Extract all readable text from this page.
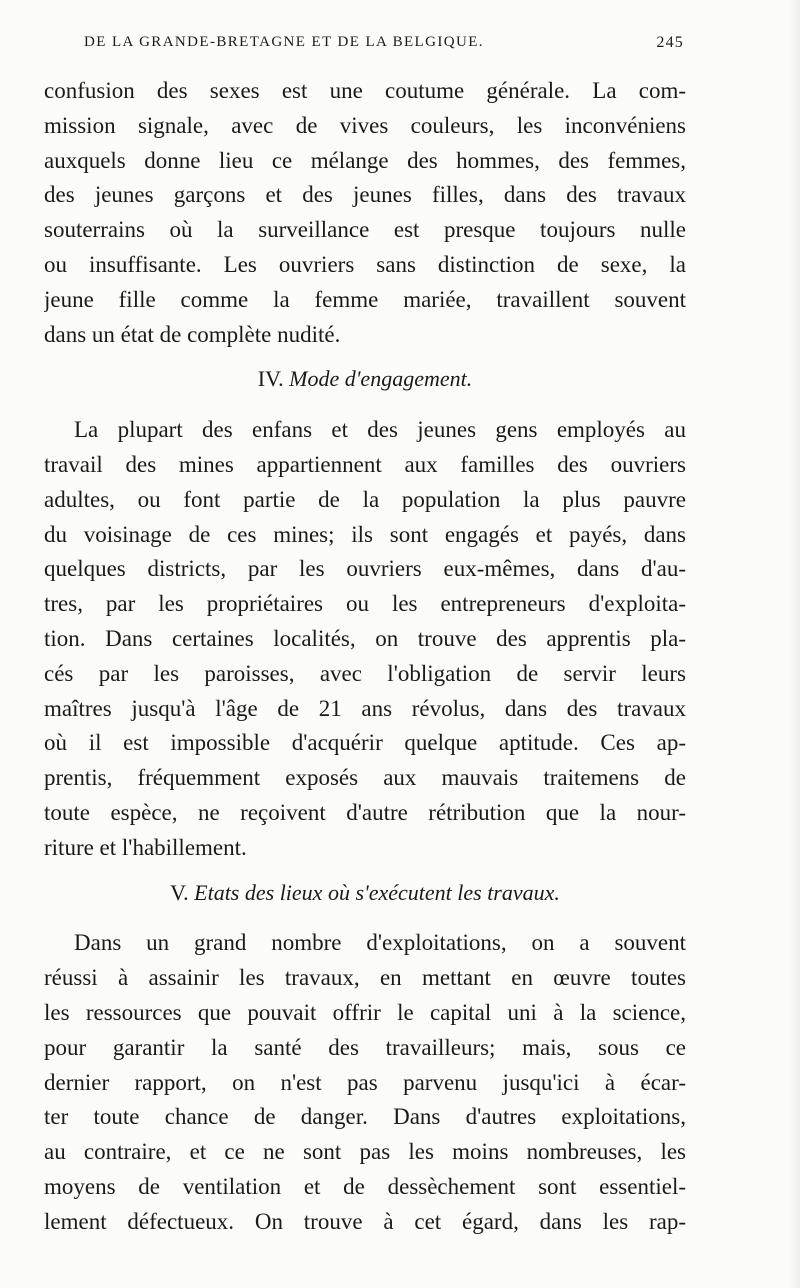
DE LA GRANDE-BRETAGNE ET DE LA BELGIQUE.	245
confusion des sexes est une coutume générale. La com-
mission signale, avec de vives couleurs, les inconvéniens
auxquels donne lieu ce mélange des hommes, des femmes,
des jeunes garçons et des jeunes filles, dans des travaux
souterrains où la surveillance est presque toujours nulle
ou insuffisante. Les ouvriers sans distinction de sexe, la
jeune fille comme la femme mariée, travaillent souvent
dans un état de complète nudité.
IV. Mode d'engagement.
La plupart des enfans et des jeunes gens employés au
travail des mines appartiennent aux familles des ouvriers
adultes, ou font partie de la population la plus pauvre
du voisinage de ces mines; ils sont engagés et payés, dans
quelques districts, par les ouvriers eux-mêmes, dans d'au-
tres, par les propriétaires ou les entrepreneurs d'exploita-
tion. Dans certaines localités, on trouve des apprentis pla-
cés par les paroisses, avec l'obligation de servir leurs
maîtres jusqu'à l'âge de 21 ans révolus, dans des travaux
où il est impossible d'acquérir quelque aptitude. Ces ap-
prentis, fréquemment exposés aux mauvais traitemens de
toute espèce, ne reçoivent d'autre rétribution que la nour-
riture et l'habillement.
V. Etats des lieux où s'exécutent les travaux.
Dans un grand nombre d'exploitations, on a souvent
réussi à assainir les travaux, en mettant en œuvre toutes
les ressources que pouvait offrir le capital uni à la science,
pour garantir la santé des travailleurs; mais, sous ce
dernier rapport, on n'est pas parvenu jusqu'ici à écar-
ter toute chance de danger. Dans d'autres exploitations,
au contraire, et ce ne sont pas les moins nombreuses, les
moyens de ventilation et de dessèchement sont essentiel-
lement défectueux. On trouve à cet égard, dans les rap-
